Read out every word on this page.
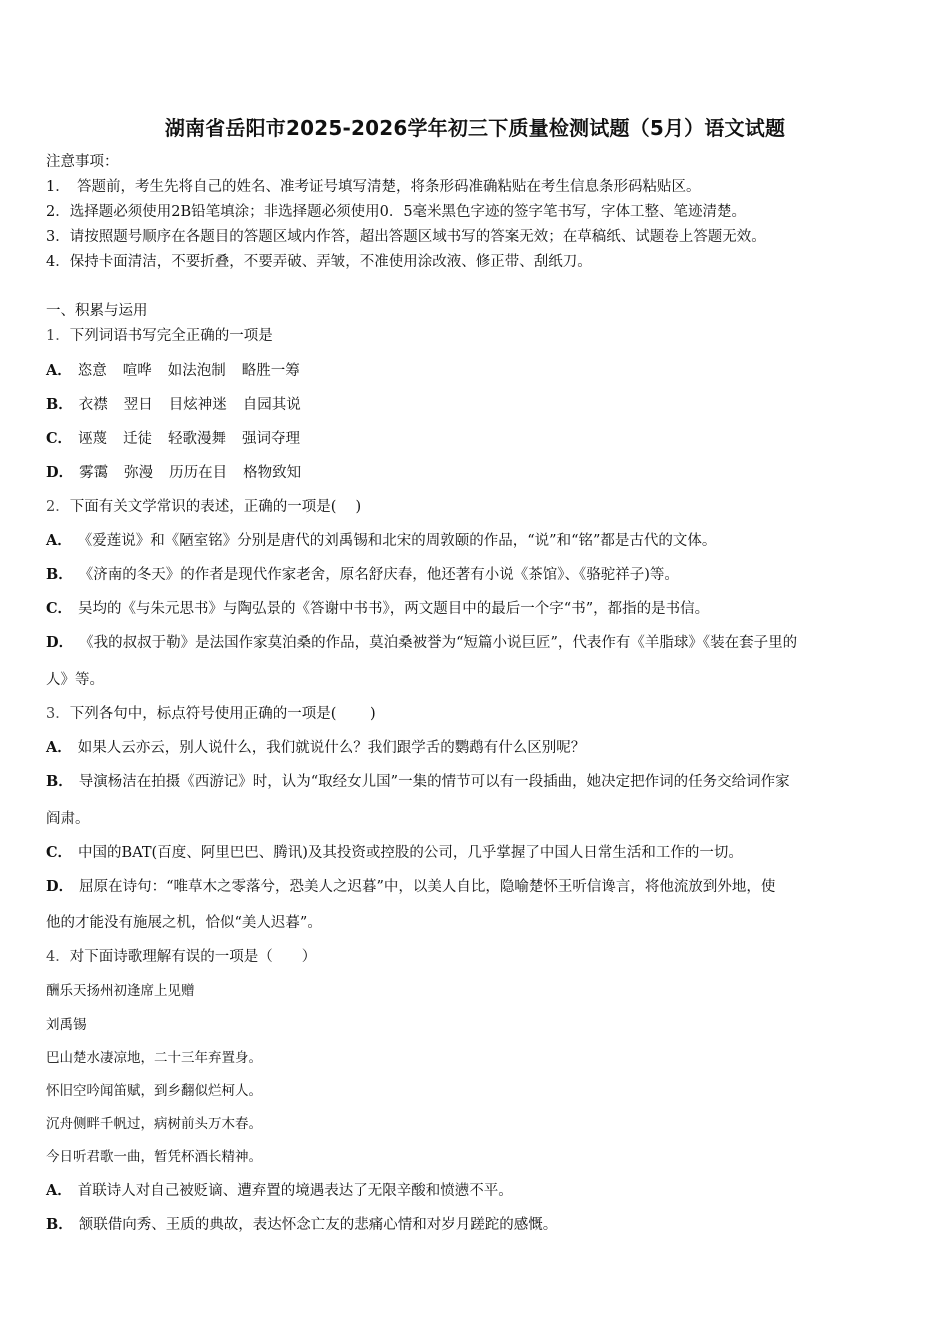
湖南省岳阳市2025-2026学年初三下质量检测试题（5月）语文试题
注意事项：
1．　答题前，考生先将自己的姓名、准考证号填写清楚，将条形码准确粘贴在考生信息条形码粘贴区。
2．选择题必须使用2B铅笔填涂；非选择题必须使用0．5毫米黑色字迹的签字笔书写，字体工整、笔迹清楚。
3．请按照题号顺序在各题目的答题区域内作答，超出答题区域书写的答案无效；在草稿纸、试题卷上答题无效。
4．保持卡面清洁，不要折叠，不要弄破、弄皱，不准使用涂改液、修正带、刮纸刀。
一、积累与运用
1．下列词语书写完全正确的一项是
A． 恣意 喧哗 如法泡制 略胜一筹
B． 衣襟 翌日 目炫神迷 自园其说
C． 诬蔑 迁徒 轻歌漫舞 强词夺理
D． 雾霭 弥漫 历历在目 格物致知
2．下面有关文学常识的表述，正确的一项是(　 )
A． 《爱莲说》和《陋室铭》分别是唐代的刘禹锡和北宋的周敦颐的作品，“说”和“铭”都是古代的文体。
B． 《济南的冬天》的作者是现代作家老舍，原名舒庆春，他还著有小说《茶馆》、《骆驼祥子)等。
C． 吴均的《与朱元思书》与陶弘景的《答谢中书书》，两文题目中的最后一个字“书”，都指的是书信。
D． 《我的叔叔于勒》是法国作家莫泊桑的作品，莫泊桑被誉为“短篇小说巨匠”，代表作有《羊脂球》《装在套子里的
人》等。
3．下列各句中，标点符号使用正确的一项是(　　 )
A． 如果人云亦云，别人说什么，我们就说什么？我们跟学舌的鹦鹉有什么区别呢？
B． 导演杨洁在拍摄《西游记》时，认为“取经女儿国”一集的情节可以有一段插曲，她决定把作词的任务交给词作家
阎肃。
C． 中国的BAT(百度、阿里巴巴、腾讯)及其投资或控股的公司，几乎掌握了中国人日常生活和工作的一切。
D． 屈原在诗句：“唯草木之零落兮，恐美人之迟暮”中，以美人自比，隐喻楚怀王听信谗言，将他流放到外地，使
他的才能没有施展之机，恰似“美人迟暮”。
4．对下面诗歌理解有误的一项是（　　）
酬乐天扬州初逢席上见赠
刘禹锡
巴山楚水凄凉地，二十三年弃置身。
怀旧空吟闻笛赋，到乡翻似烂柯人。
沉舟侧畔千帆过，病树前头万木春。
今日听君歌一曲，暂凭杯酒长精神。
A． 首联诗人对自己被贬谪、遭弃置的境遇表达了无限辛酸和愤懑不平。
B． 颔联借向秀、王质的典故，表达怀念亡友的悲痛心情和对岁月蹉跎的感慨。
